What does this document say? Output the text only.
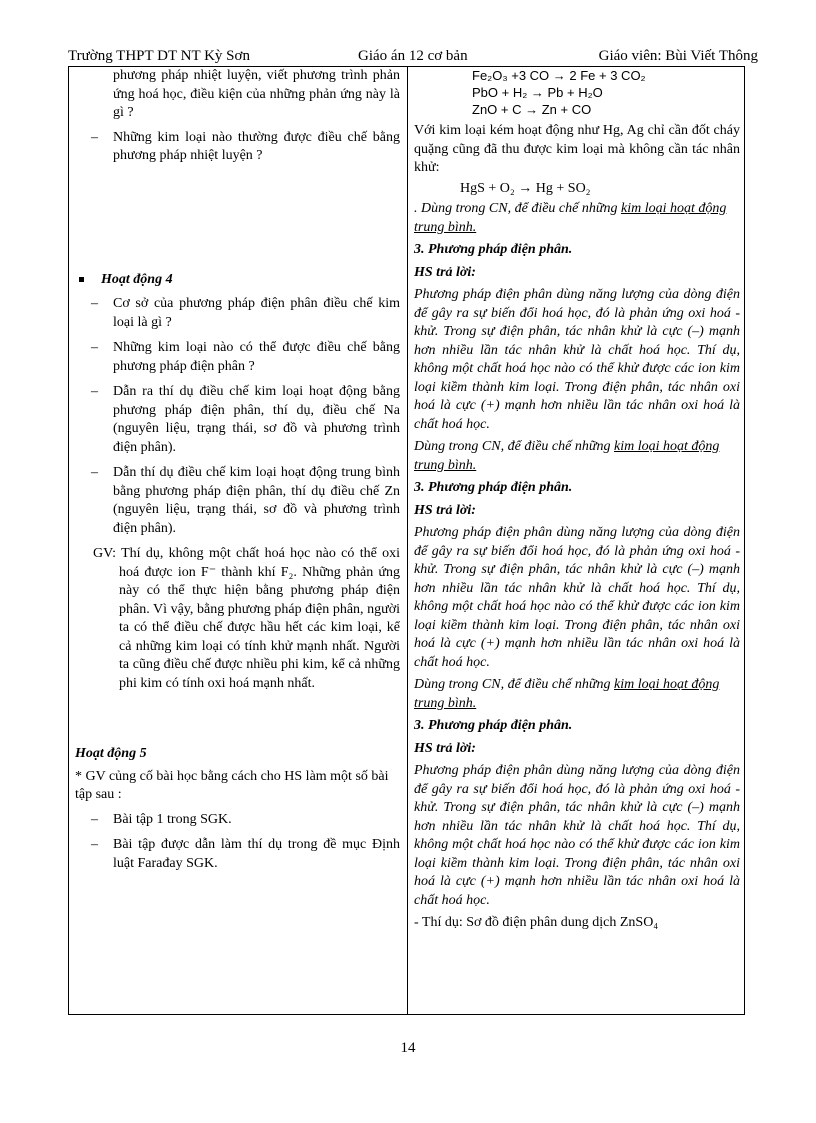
Trường THPT DT NT Kỳ Sơn	Giáo án 12 cơ bản	Giáo viên: Bùi Viết Thông

phương pháp nhiệt luyện, viết phương trình phản ứng hoá học, điều kiện của những phản ứng này là gì ?

– Những kim loại nào thường được điều chế bằng phương pháp nhiệt luyện ?

Hoạt động 4

– Cơ sở của phương pháp điện phân điều chế kim loại là gì ?

– Những kim loại nào có thể được điều chế bằng phương pháp điện phân ?

– Dẫn ra thí dụ điều chế kim loại hoạt động bằng phương pháp điện phân, thí dụ, điều chế Na (nguyên liệu, trạng thái, sơ đồ và phương trình điện phân).

– Dẫn thí dụ điều chế kim loại hoạt động trung bình bằng phương pháp điện phân, thí dụ điều chế Zn (nguyên liệu, trạng thái, sơ đồ và phương trình điện phân).

GV: Thí dụ, không một chất hoá học nào có thể oxi hoá được ion F⁻ thành khí F₂. Những phản ứng này có thể thực hiện bằng phương pháp điện phân. Vì vậy, bằng phương pháp điện phân, người ta có thể điều chế được hầu hết các kim loại, kể cả những kim loại có tính khử mạnh nhất. Người ta cũng điều chế được nhiều phi kim, kể cả những phi kim có tính oxi hoá mạnh nhất.

Hoạt động 5

* GV củng cố bài học bằng cách cho HS làm một số bài tập sau :

– Bài tập 1 trong SGK.

– Bài tập được dẫn làm thí dụ trong đề mục Định luật Farađay SGK.

Fe₂O₃ +3 CO → 2 Fe + 3 CO₂

PbO + H₂ → Pb + H₂O

ZnO + C → Zn + CO

Với kim loại kém hoạt động như Hg, Ag chỉ cần đốt cháy quặng cũng đã thu được kim loại mà không cần tác nhân khử:

HgS + O₂ → Hg + SO₂

. Dùng trong CN, để điều chế những kim loại hoạt động trung bình.

3. Phương pháp điện phân.

HS trả lời:

Phương pháp điện phân dùng năng lượng của dòng điện để gây ra sự biến đổi hoá học, đó là phản ứng oxi hoá - khử. Trong sự điện phân, tác nhân khử là cực (–) mạnh hơn nhiều lần tác nhân khử là chất hoá học. Thí dụ, không một chất hoá học nào có thể khử được các ion kim loại kiềm thành kim loại. Trong điện phân, tác nhân oxi hoá là cực (+) mạnh hơn nhiều lần tác nhân oxi hoá là chất hoá học.

Dùng trong CN, để điều chế những kim loại hoạt động trung bình.

3. Phương pháp điện phân.

HS trả lời:

Phương pháp điện phân dùng năng lượng của dòng điện để gây ra sự biến đổi hoá học, đó là phản ứng oxi hoá - khử. Trong sự điện phân, tác nhân khử là cực (–) mạnh hơn nhiều lần tác nhân khử là chất hoá học. Thí dụ, không một chất hoá học nào có thể khử được các ion kim loại kiềm thành kim loại. Trong điện phân, tác nhân oxi hoá là cực (+) mạnh hơn nhiều lần tác nhân oxi hoá là chất hoá học.

Dùng trong CN, để điều chế những kim loại hoạt động trung bình.

3. Phương pháp điện phân.

HS trả lời:

Phương pháp điện phân dùng năng lượng của dòng điện để gây ra sự biến đổi hoá học, đó là phản ứng oxi hoá - khử. Trong sự điện phân, tác nhân khử là cực (–) mạnh hơn nhiều lần tác nhân khử là chất hoá học. Thí dụ, không một chất hoá học nào có thể khử được các ion kim loại kiềm thành kim loại. Trong điện phân, tác nhân oxi hoá là cực (+) mạnh hơn nhiều lần tác nhân oxi hoá là chất hoá học.

- Thí dụ: Sơ đồ điện phân dung dịch ZnSO₄

14
